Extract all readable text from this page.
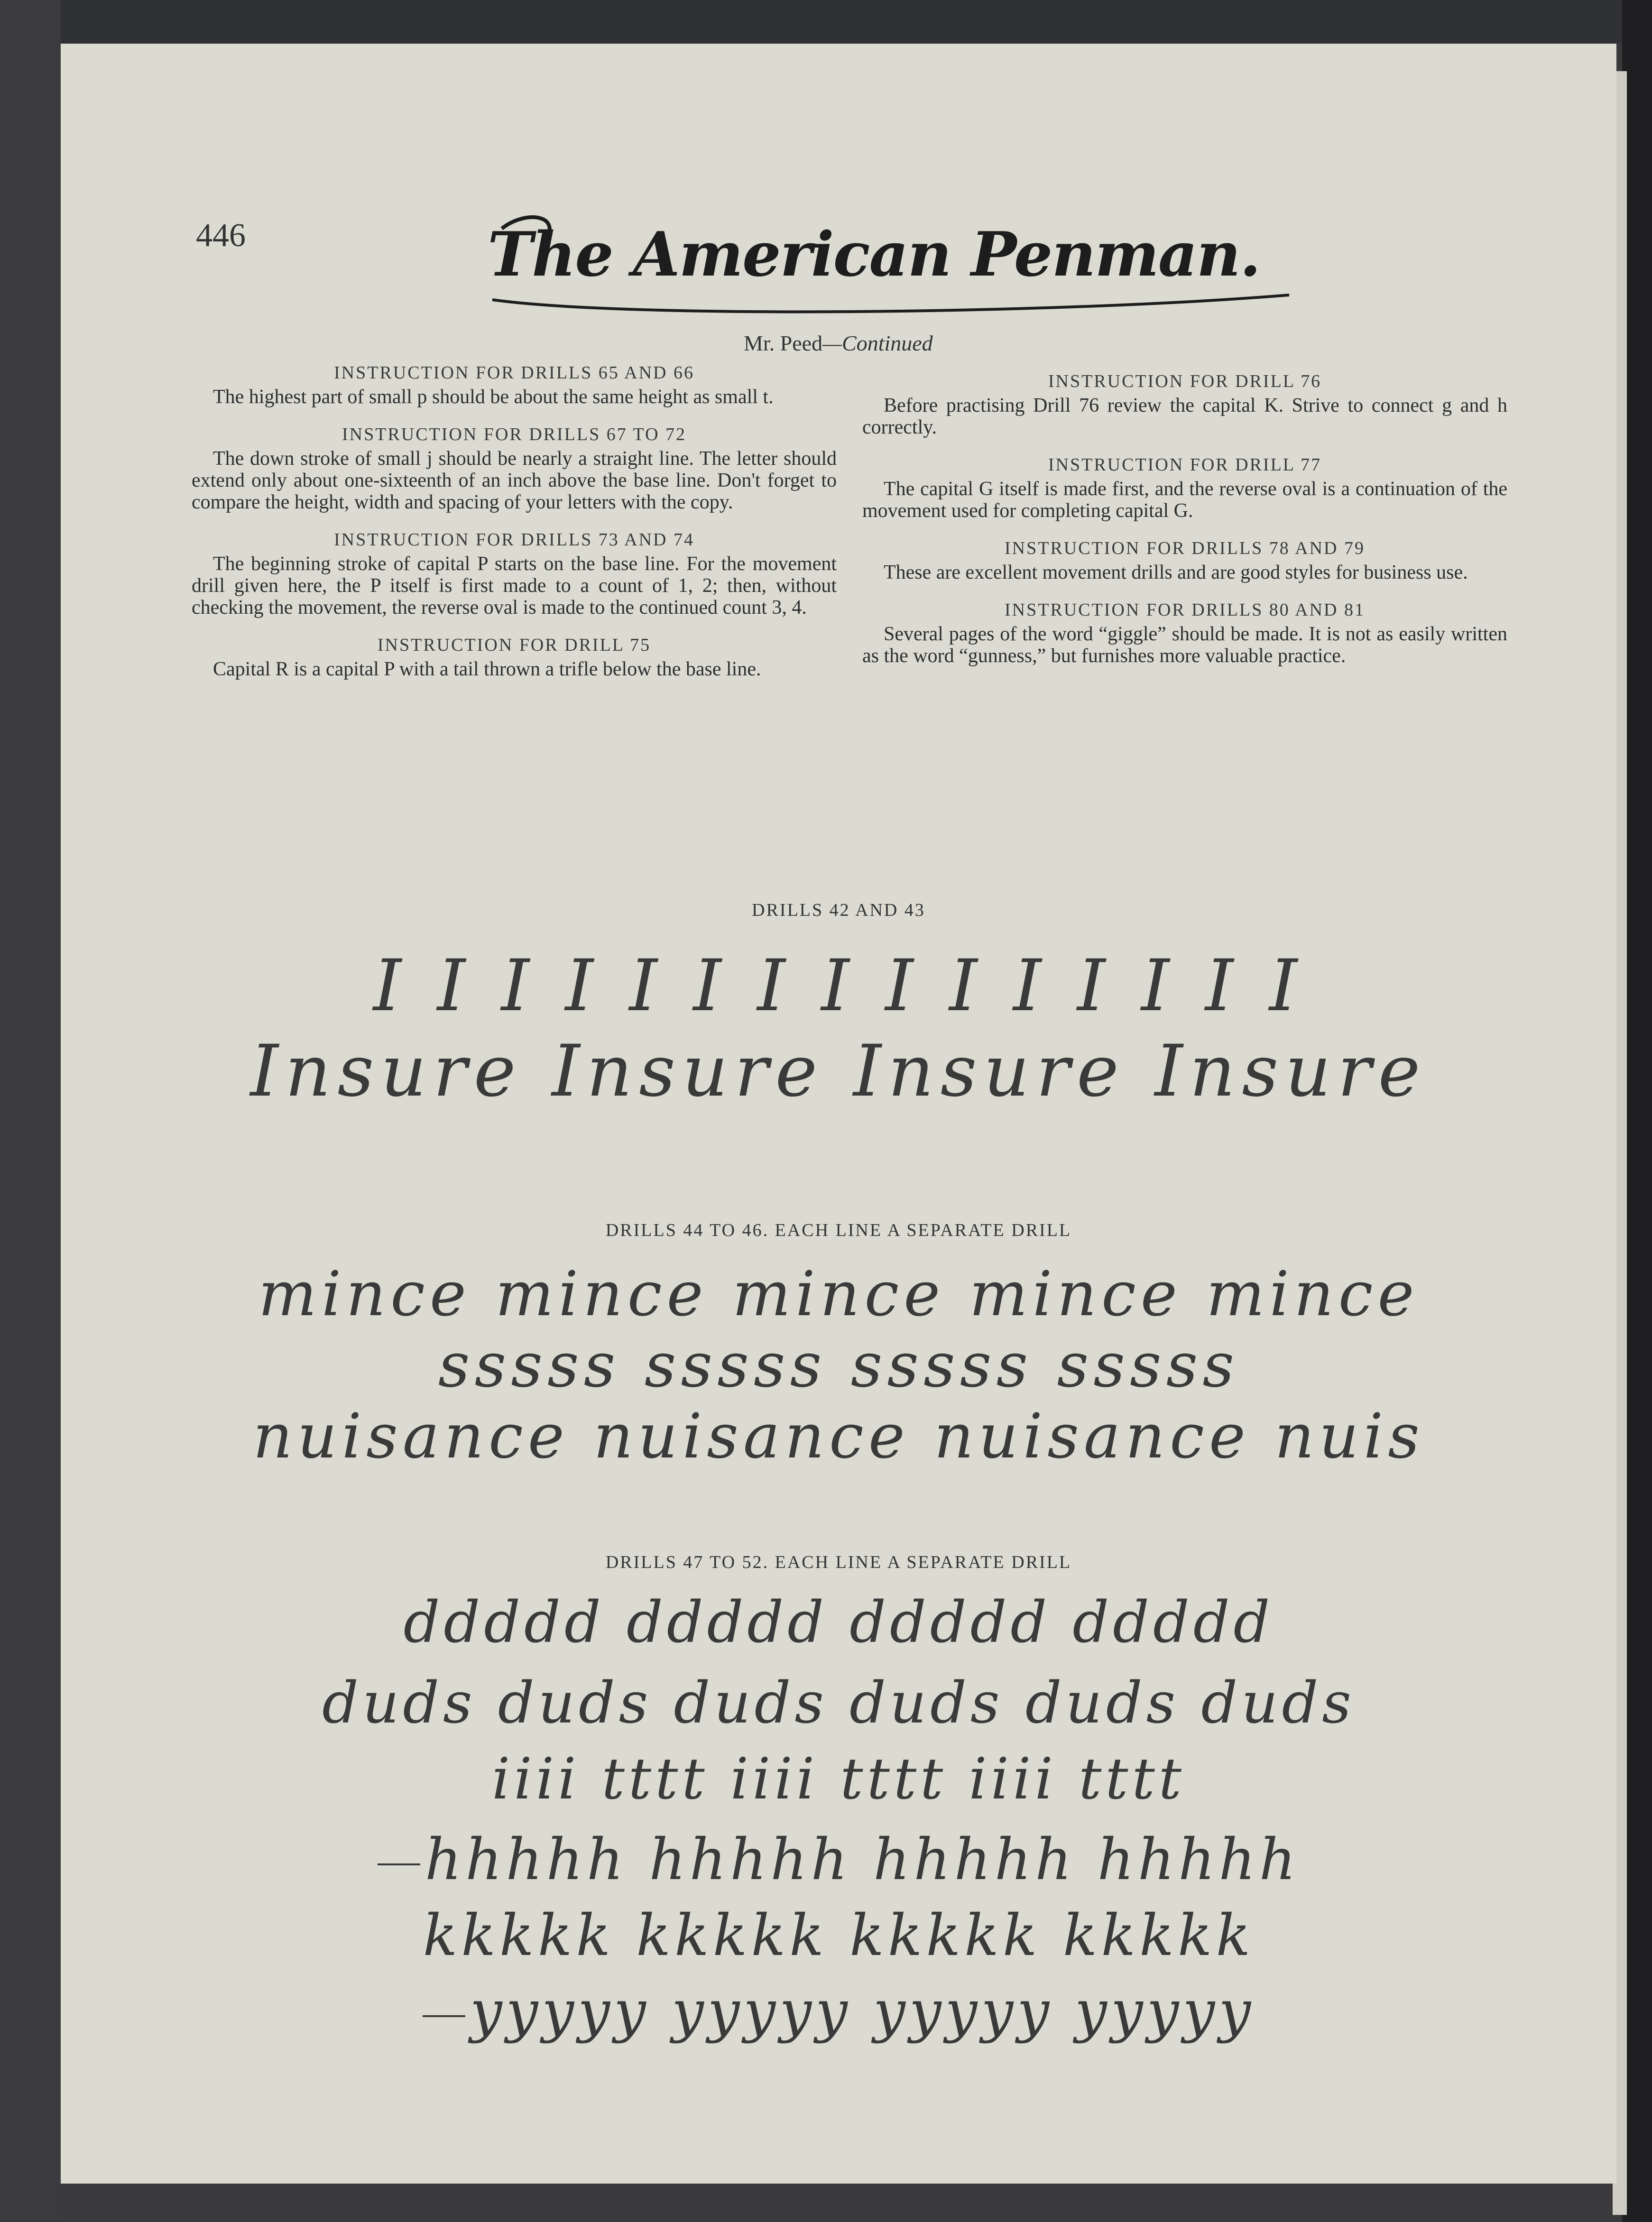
446	The American Penman.
Mr. Peed—Continued
INSTRUCTION FOR DRILLS 65 AND 66
The highest part of small p should be about the same height as small t.
INSTRUCTION FOR DRILLS 67 TO 72
The down stroke of small j should be nearly a straight line. The letter should extend only about one-sixteenth of an inch above the base line. Don't forget to compare the height, width and spacing of your letters with the copy.
INSTRUCTION FOR DRILLS 73 AND 74
The beginning stroke of capital P starts on the base line. For the movement drill given here, the P itself is first made to a count of 1, 2; then, without checking the movement, the reverse oval is made to the continued count 3, 4.
INSTRUCTION FOR DRILL 75
Capital R is a capital P with a tail thrown a trifle below the base line.
INSTRUCTION FOR DRILL 76
Before practising Drill 76 review the capital K. Strive to connect g and h correctly.
INSTRUCTION FOR DRILL 77
The capital G itself is made first, and the reverse oval is a continuation of the movement used for completing capital G.
INSTRUCTION FOR DRILLS 78 AND 79
These are excellent movement drills and are good styles for business use.
INSTRUCTION FOR DRILLS 80 AND 81
Several pages of the word “giggle” should be made. It is not as easily written as the word “gunness,” but furnishes more valuable practice.
DRILLS 42 AND 43
I I I I I I I I I I I I I I I
Insure Insure Insure Insure
DRILLS 44 TO 46. EACH LINE A SEPARATE DRILL
mince mince mince mince mince
sssss sssss sssss sssss
nuisance nuisance nuisance nuis
DRILLS 47 TO 52. EACH LINE A SEPARATE DRILL
ddddd ddddd ddddd ddddd
duds duds duds duds duds duds
iiii tttt iiii tttt iiii tttt
hhhhh hhhhh hhhhh hhhhh
kkkkk kkkkk kkkkk kkkkk
yyyyy yyyyy yyyyy yyyyy
